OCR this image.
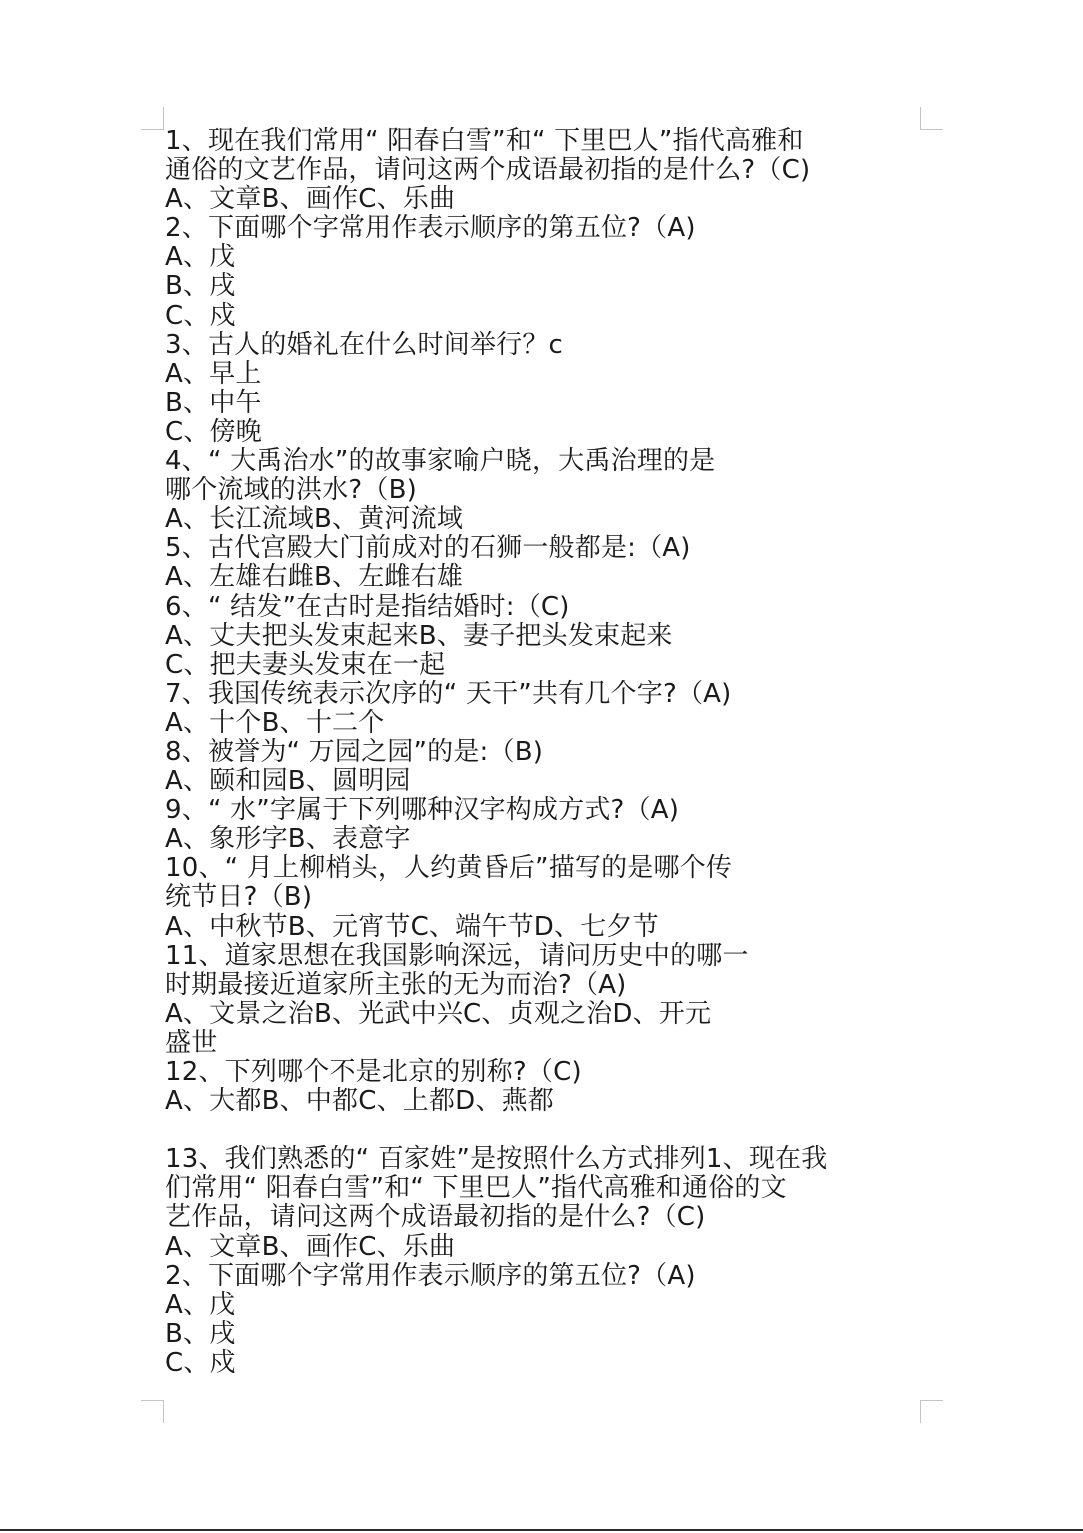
1、现在我们常用“ 阳春白雪”和“ 下里巴人”指代高雅和
通俗的文艺作品，请问这两个成语最初指的是什么?（C)
A、文章B、画作C、乐曲
2、下面哪个字常用作表示顺序的第五位?（A)
A、戊
B、戌
C、戍
3、古人的婚礼在什么时间举行？c
A、早上
B、中午
C、傍晚
4、“ 大禹治水”的故事家喻户晓，大禹治理的是
哪个流域的洪水?（B)
A、长江流域B、黄河流域
5、古代宫殿大门前成对的石狮一般都是:（A)
A、左雄右雌B、左雌右雄
6、“ 结发”在古时是指结婚时:（C)
A、丈夫把头发束起来B、妻子把头发束起来
C、把夫妻头发束在一起
7、我国传统表示次序的“ 天干”共有几个字?（A)
A、十个B、十二个
8、被誉为“ 万园之园”的是:（B)
A、颐和园B、圆明园
9、“ 水”字属于下列哪种汉字构成方式?（A)
A、象形字B、表意字
10、“ 月上柳梢头，人约黄昏后”描写的是哪个传
统节日?（B)
A、中秋节B、元宵节C、端午节D、七夕节
11、道家思想在我国影响深远，请问历史中的哪一
时期最接近道家所主张的无为而治?（A)
A、文景之治B、光武中兴C、贞观之治D、开元
盛世
12、下列哪个不是北京的别称?（C)
A、大都B、中都C、上都D、燕都
13、我们熟悉的“ 百家姓”是按照什么方式排列1、现在我
们常用“ 阳春白雪”和“ 下里巴人”指代高雅和通俗的文
艺作品，请问这两个成语最初指的是什么?（C)
A、文章B、画作C、乐曲
2、下面哪个字常用作表示顺序的第五位?（A)
A、戊
B、戌
C、戍
